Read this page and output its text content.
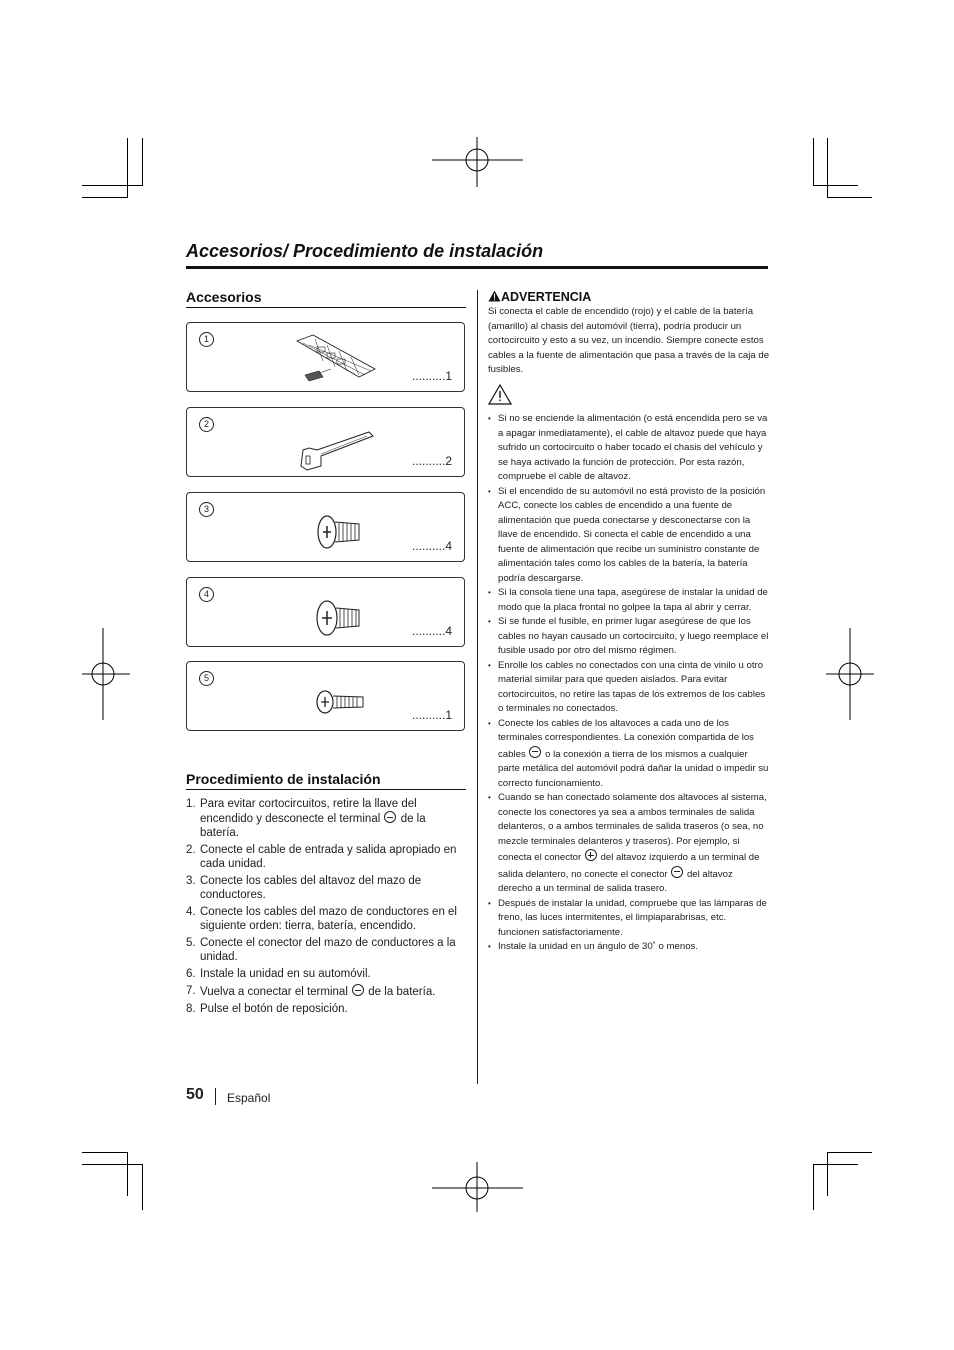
Accesorios/ Procedimiento de instalación
Accesorios
1
..........1
2
..........2
3
..........4
4
..........4
5
..........1
Procedimiento de instalación
1. Para evitar cortocircuitos, retire la llave del encendido y desconecte el terminal de la batería.
2. Conecte el cable de entrada y salida apropiado en cada unidad.
3. Conecte los cables del altavoz del mazo de conductores.
4. Conecte los cables del mazo de conductores en el siguiente orden: tierra, batería, encendido.
5. Conecte el conector del mazo de conductores a la unidad.
6. Instale la unidad en su automóvil.
7. Vuelva a conectar el terminal de la batería.
8. Pulse el botón de reposición.
ADVERTENCIA
Si conecta el cable de encendido (rojo) y el cable de la batería (amarillo) al chasis del automóvil (tierra), podría producir un cortocircuito y esto a su vez, un incendio. Siempre conecte estos cables a la fuente de alimentación que pasa a través de la caja de fusibles.
• Si no se enciende la alimentación (o está encendida pero se va a apagar inmediatamente), el cable de altavoz puede que haya sufrido un cortocircuito o haber tocado el chasis del vehículo y se haya activado la función de protección. Por esta razón, compruebe el cable de altavoz.
• Si el encendido de su automóvil no está provisto de la posición ACC, conecte los cables de encendido a una fuente de alimentación que pueda conectarse y desconectarse con la llave de encendido. Si conecta el cable de encendido a una fuente de alimentación que recibe un suministro constante de alimentación tales como los cables de la batería, la batería podría descargarse.
• Si la consola tiene una tapa, asegúrese de instalar la unidad de modo que la placa frontal no golpee la tapa al abrir y cerrar.
• Si se funde el fusible, en primer lugar asegúrese de que los cables no hayan causado un cortocircuito, y luego reemplace el fusible usado por otro del mismo régimen.
• Enrolle los cables no conectados con una cinta de vinilo u otro material similar para que queden aislados. Para evitar cortocircuitos, no retire las tapas de los extremos de los cables o terminales no conectados.
• Conecte los cables de los altavoces a cada uno de los terminales correspondientes. La conexión compartida de los cables o la conexión a tierra de los mismos a cualquier parte metálica del automóvil podrá dañar la unidad o impedir su correcto funcionamiento.
• Cuando se han conectado solamente dos altavoces al sistema, conecte los conectores ya sea a ambos terminales de salida delanteros, o a ambos terminales de salida traseros (o sea, no mezcle terminales delanteros y traseros). Por ejemplo, si conecta el conector del altavoz izquierdo a un terminal de salida delantero, no conecte el conector del altavoz derecho a un terminal de salida trasero.
• Después de instalar la unidad, compruebe que las lámparas de freno, las luces intermitentes, el limpiaparabrisas, etc. funcionen satisfactoriamente.
• Instale la unidad en un ángulo de 30˚ o menos.
50 Español
